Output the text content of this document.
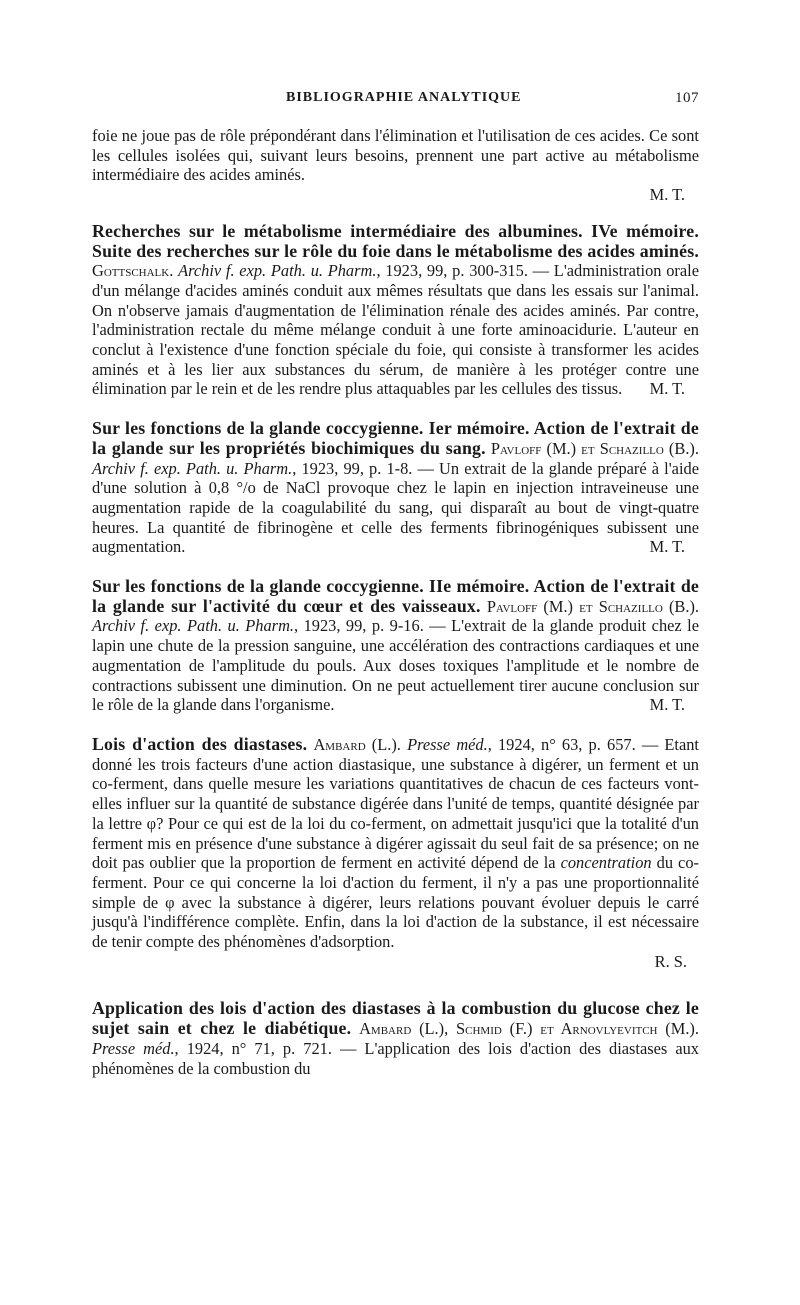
BIBLIOGRAPHIE ANALYTIQUE	107

foie ne joue pas de rôle prépondérant dans l'élimination et l'utilisation de ces acides. Ce sont les cellules isolées qui, suivant leurs besoins, prennent une part active au métabolisme intermédiaire des acides aminés.

M. T.

Recherches sur le métabolisme intermédiaire des albumines. IVe mémoire. Suite des recherches sur le rôle du foie dans le métabolisme des acides aminés. Gottschalk. Archiv f. exp. Path. u. Pharm., 1923, 99, p. 300-315. — L'administration orale d'un mélange d'acides aminés conduit aux mêmes résultats que dans les essais sur l'animal. On n'observe jamais d'augmentation de l'élimination rénale des acides aminés. Par contre, l'administration rectale du même mélange conduit à une forte aminoacidurie. L'auteur en conclut à l'existence d'une fonction spéciale du foie, qui consiste à transformer les acides aminés et à les lier aux substances du sérum, de manière à les protéger contre une élimination par le rein et de les rendre plus attaquables par les cellules des tissus. M. T.

Sur les fonctions de la glande coccygienne. Ier mémoire. Action de l'extrait de la glande sur les propriétés biochimiques du sang. Pavloff (M.) et Schazillo (B.). Archiv f. exp. Path. u. Pharm., 1923, 99, p. 1-8. — Un extrait de la glande préparé à l'aide d'une solution à 0,8 °/o de NaCl provoque chez le lapin en injection intraveineuse une augmentation rapide de la coagulabilité du sang, qui disparaît au bout de vingt-quatre heures. La quantité de fibrinogène et celle des ferments fibrinogéniques subissent une augmentation.	M. T.

Sur les fonctions de la glande coccygienne. IIe mémoire. Action de l'extrait de la glande sur l'activité du cœur et des vaisseaux. Pavloff (M.) et Schazillo (B.). Archiv f. exp. Path. u. Pharm., 1923, 99, p. 9-16. — L'extrait de la glande produit chez le lapin une chute de la pression sanguine, une accélération des contractions cardiaques et une augmentation de l'amplitude du pouls. Aux doses toxiques l'amplitude et le nombre de contractions subissent une diminution. On ne peut actuellement tirer aucune conclusion sur le rôle de la glande dans l'organisme.	M. T.

Lois d'action des diastases. Ambard (L.). Presse méd., 1924, n° 63, p. 657. — Etant donné les trois facteurs d'une action diastasique, une substance à digérer, un ferment et un co-ferment, dans quelle mesure les variations quantitatives de chacun de ces facteurs vont-elles influer sur la quantité de substance digérée dans l'unité de temps, quantité désignée par la lettre φ? Pour ce qui est de la loi du co-ferment, on admettait jusqu'ici que la totalité d'un ferment mis en présence d'une substance à digérer agissait du seul fait de sa présence; on ne doit pas oublier que la proportion de ferment en activité dépend de la concentration du co-ferment. Pour ce qui concerne la loi d'action du ferment, il n'y a pas une proportionnalité simple de φ avec la substance à digérer, leurs relations pouvant évoluer depuis le carré jusqu'à l'indifférence complète. Enfin, dans la loi d'action de la substance, il est nécessaire de tenir compte des phénomènes d'adsorption.

R. S.

Application des lois d'action des diastases à la combustion du glucose chez le sujet sain et chez le diabétique. Ambard (L.), Schmid (F.) et Arnovlyevitch (M.). Presse méd., 1924, n° 71, p. 721. — L'application des lois d'action des diastases aux phénomènes de la combustion du
